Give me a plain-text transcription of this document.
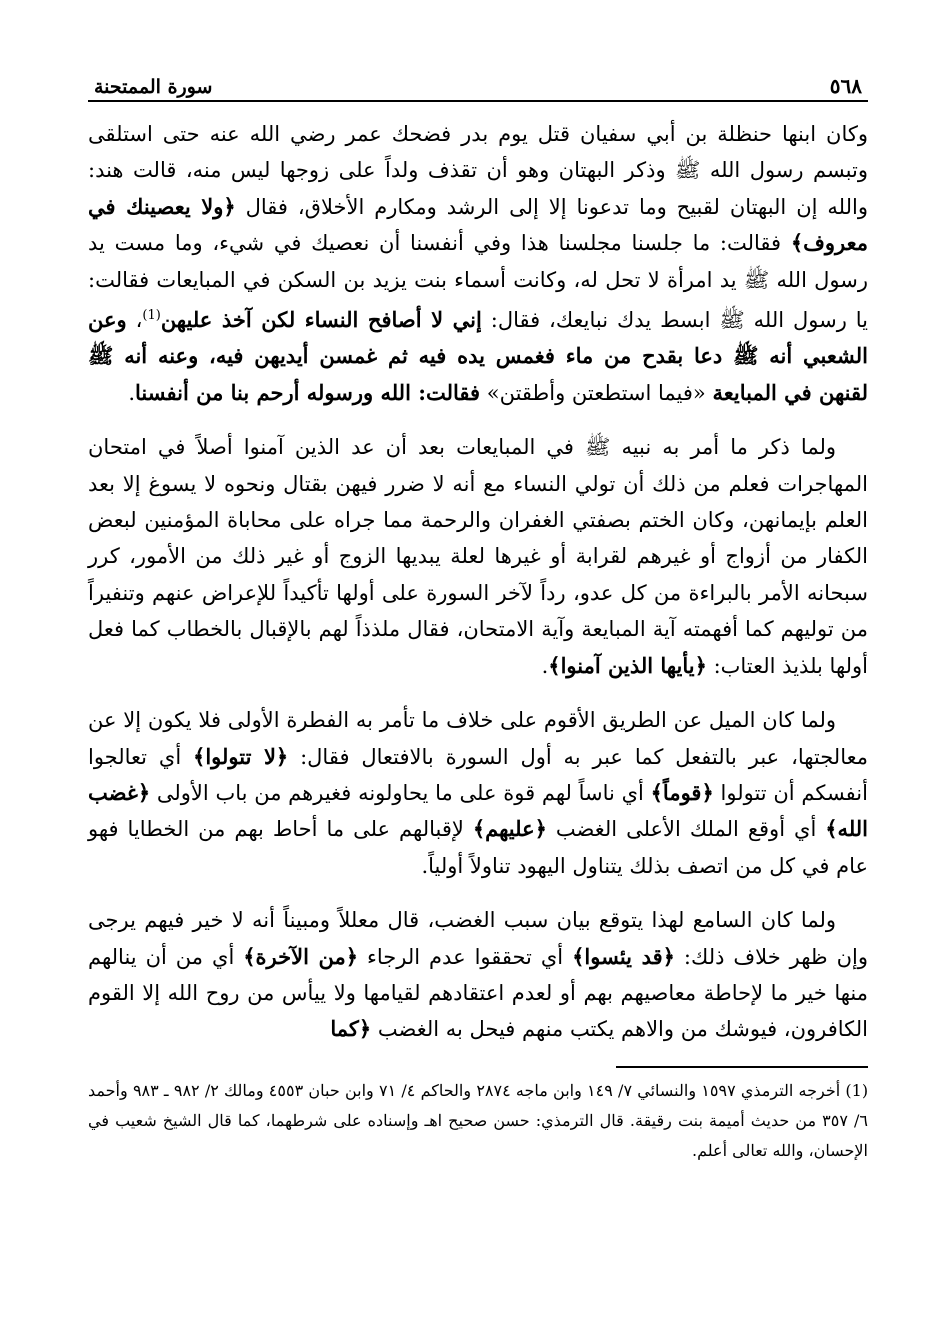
٥٦٨
سورة الممتحنة

وكان ابنها حنظلة بن أبي سفيان قتل يوم بدر فضحك عمر رضي الله عنه حتى استلقى وتبسم رسول الله ﷺ وذكر البهتان وهو أن تقذف ولداً على زوجها ليس منه، قالت هند: والله إن البهتان لقبيح وما تدعونا إلا إلى الرشد ومكارم الأخلاق، فقال ﴿ولا يعصينك في معروف﴾ فقالت: ما جلسنا مجلسنا هذا وفي أنفسنا أن نعصيك في شيء، وما مست يد رسول الله ﷺ يد امرأة لا تحل له، وكانت أسماء بنت يزيد بن السكن في المبايعات فقالت: يا رسول الله ﷺ ابسط يدك نبايعك، فقال: إني لا أصافح النساء لكن آخذ عليهن$^{(1)}$، وعن الشعبي أنه ﷺ دعا بقدح من ماء فغمس يده فيه ثم غمسن أيديهن فيه، وعنه أنه ﷺ لقنهن في المبايعة «فيما استطعتن وأطقتن» فقالت: الله ورسوله أرحم بنا من أنفسنا.

ولما ذكر ما أمر به نبيه ﷺ في المبايعات بعد أن عد الذين آمنوا أصلاً في امتحان المهاجرات فعلم من ذلك أن تولي النساء مع أنه لا ضرر فيهن بقتال ونحوه لا يسوغ إلا بعد العلم بإيمانهن، وكان الختم بصفتي الغفران والرحمة مما جراه على محاباة المؤمنين لبعض الكفار من أزواج أو غيرهم لقرابة أو غيرها لعلة يبديها الزوج أو غير ذلك من الأمور، كرر سبحانه الأمر بالبراءة من كل عدو، رداً لآخر السورة على أولها تأكيداً للإعراض عنهم وتنفيراً من توليهم كما أفهمته آية المبايعة وآية الامتحان، فقال ملذذاً لهم بالإقبال بالخطاب كما فعل أولها بلذيذ العتاب: ﴿يأيها الذين آمنوا﴾.

ولما كان الميل عن الطريق الأقوم على خلاف ما تأمر به الفطرة الأولى فلا يكون إلا عن معالجتها، عبر بالتفعل كما عبر به أول السورة بالافتعال فقال: ﴿لا تتولوا﴾ أي تعالجوا أنفسكم أن تتولوا ﴿قوماً﴾ أي ناساً لهم قوة على ما يحاولونه فغيرهم من باب الأولى ﴿غضب الله﴾ أي أوقع الملك الأعلى الغضب ﴿عليهم﴾ لإقبالهم على ما أحاط بهم من الخطايا فهو عام في كل من اتصف بذلك يتناول اليهود تناولاً أولياً.

ولما كان السامع لهذا يتوقع بيان سبب الغضب، قال معللاً ومبيناً أنه لا خير فيهم يرجى وإن ظهر خلاف ذلك: ﴿قد يئسوا﴾ أي تحققوا عدم الرجاء ﴿من الآخرة﴾ أي من أن ينالهم منها خير ما لإحاطة معاصيهم بهم أو لعدم اعتقادهم لقيامها ولا ييأس من روح الله إلا القوم الكافرون، فيوشك من والاهم يكتب منهم فيحل به الغضب ﴿كما

(1) أخرجه الترمذي ١٥٩٧ والنسائي ٧/ ١٤٩ وابن ماجه ٢٨٧٤ والحاكم ٤/ ٧١ وابن حبان ٤٥٥٣ ومالك ٢/ ٩٨٢ ـ ٩٨٣ وأحمد ٦/ ٣٥٧ من حديث أميمة بنت رقيقة. قال الترمذي: حسن صحيح اهـ وإسناده على شرطهما، كما قال الشيخ شعيب في الإحسان، والله تعالى أعلم.
